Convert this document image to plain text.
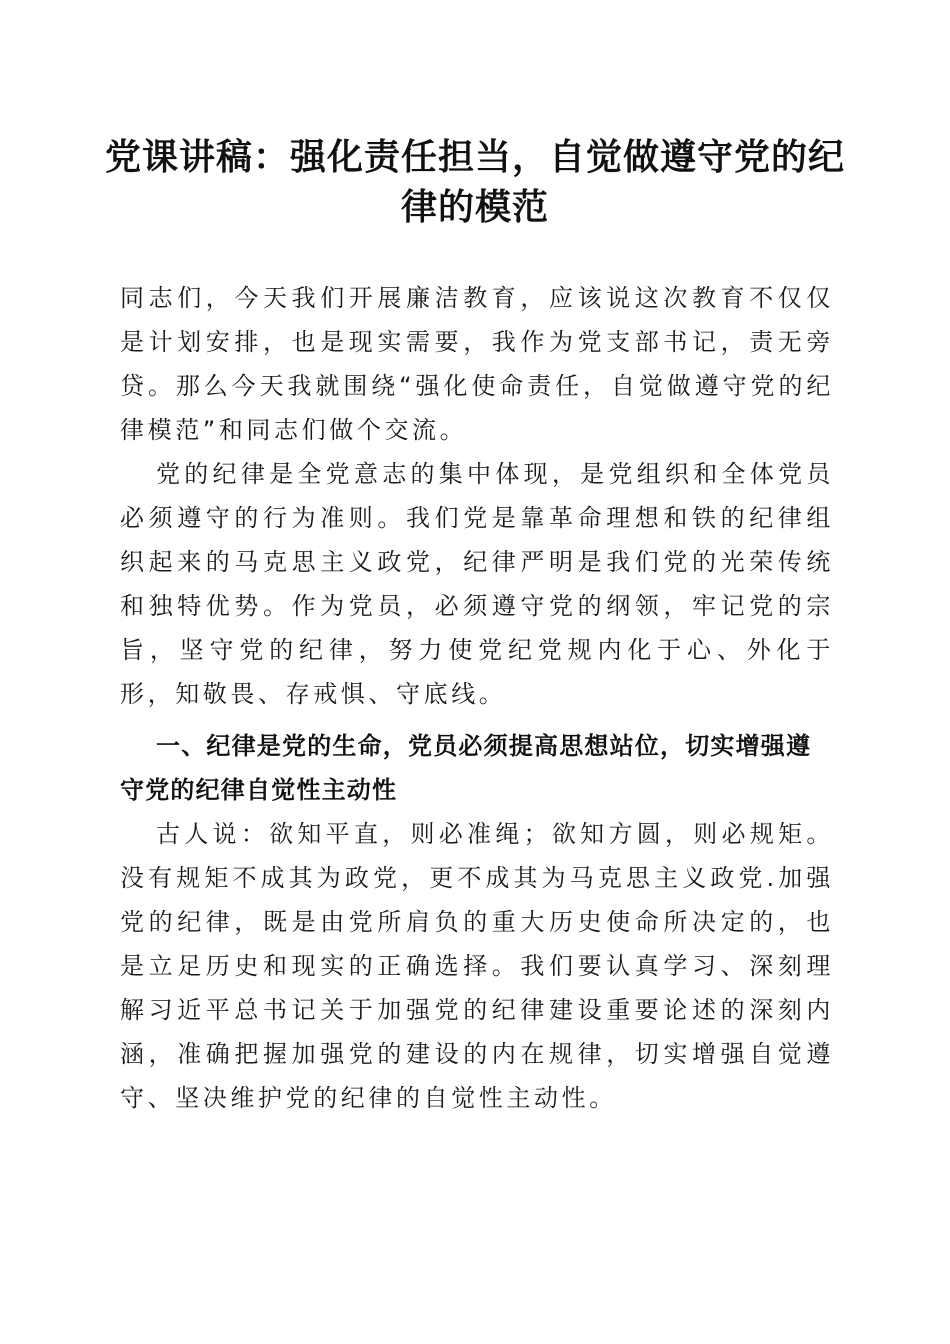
党课讲稿：强化责任担当，自觉做遵守党的纪律的模范

同志们，今天我们开展廉洁教育，应该说这次教育不仅仅是计划安排，也是现实需要，我作为党支部书记，责无旁贷。那么今天我就围绕“强化使命责任，自觉做遵守党的纪律模范”和同志们做个交流。

党的纪律是全党意志的集中体现，是党组织和全体党员必须遵守的行为准则。我们党是靠革命理想和铁的纪律组织起来的马克思主义政党，纪律严明是我们党的光荣传统和独特优势。作为党员，必须遵守党的纲领，牢记党的宗旨，坚守党的纪律，努力使党纪党规内化于心、外化于形，知敬畏、存戒惧、守底线。

一、纪律是党的生命，党员必须提高思想站位，切实增强遵守党的纪律自觉性主动性

古人说：欲知平直，则必准绳；欲知方圆，则必规矩。没有规矩不成其为政党，更不成其为马克思主义政党.加强党的纪律，既是由党所肩负的重大历史使命所决定的，也是立足历史和现实的正确选择。我们要认真学习、深刻理解习近平总书记关于加强党的纪律建设重要论述的深刻内涵，准确把握加强党的建设的内在规律，切实增强自觉遵守、坚决维护党的纪律的自觉性主动性。
